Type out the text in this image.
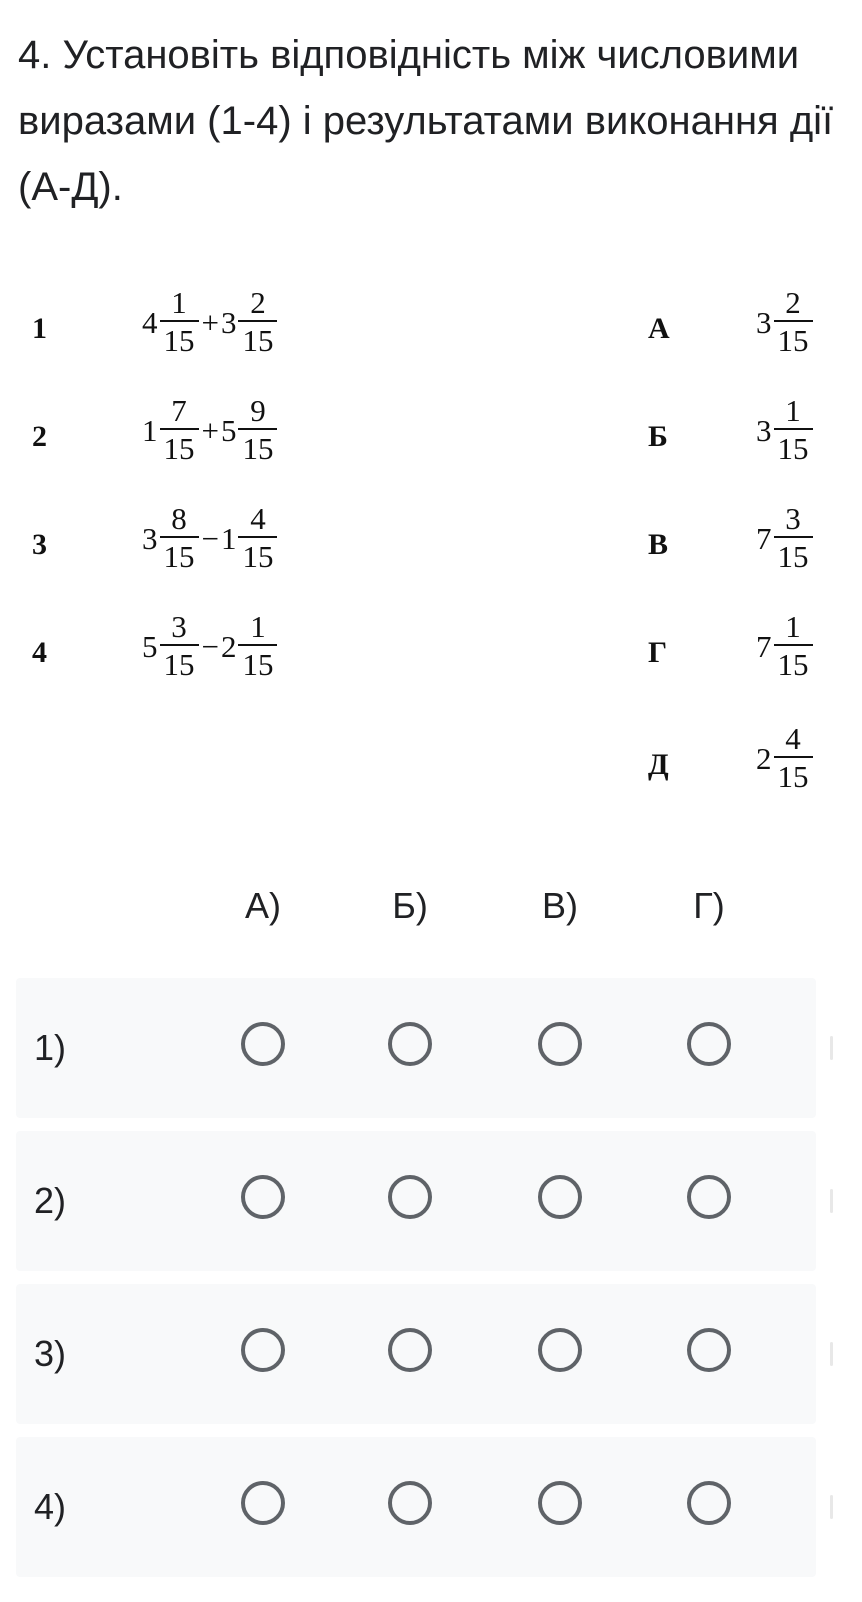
4. Установіть відповідність між числовими виразами (1-4) і результатами виконання дії (А-Д).
1	$4 \frac{1}{15} + 3 \frac{2}{15}$
2	$1 \frac{7}{15} + 5 \frac{9}{15}$
3	$3 \frac{8}{15} - 1 \frac{4}{15}$
4	$5 \frac{3}{15} - 2 \frac{1}{15}$
А	$3 \frac{2}{15}$
Б	$3 \frac{1}{15}$
В	$7 \frac{3}{15}$
Г	$7 \frac{1}{15}$
Д	$2 \frac{4}{15}$
А)	Б)	В)	Г)
1)
2)
3)
4)
